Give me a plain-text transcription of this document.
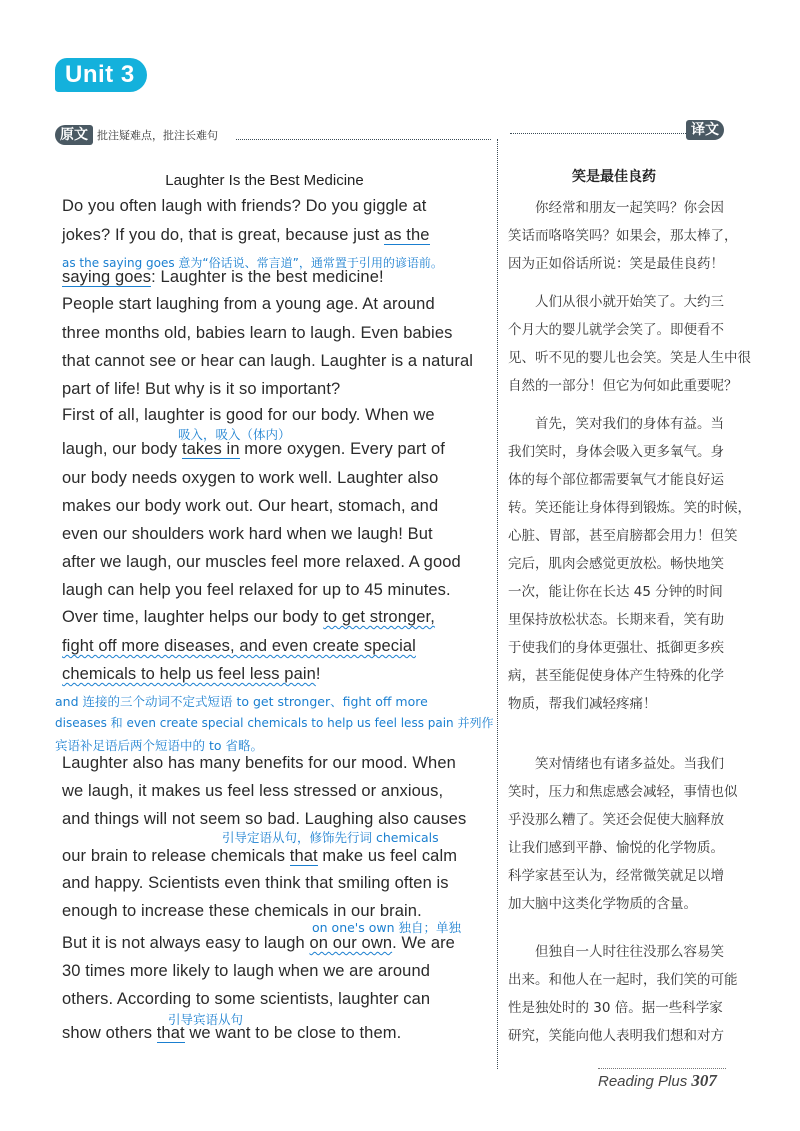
Unit 3
原文 批注疑难点，批注长难句	译文
Laughter Is the Best Medicine
Do you often laugh with friends? Do you giggle at
jokes? If you do, that is great, because just as the
saying goes: Laughter is the best medicine!
People start laughing from a young age. At around
three months old, babies learn to laugh. Even babies
that cannot see or hear can laugh. Laughter is a natural
part of life! But why is it so important?
First of all, laughter is good for our body. When we
laugh, our body takes in more oxygen. Every part of
our body needs oxygen to work well. Laughter also
makes our body work out. Our heart, stomach, and
even our shoulders work hard when we laugh! But
after we laugh, our muscles feel more relaxed. A good
laugh can help you feel relaxed for up to 45 minutes.
Over time, laughter helps our body to get stronger,
fight off more diseases, and even create special
chemicals to help us feel less pain!
Laughter also has many benefits for our mood. When
we laugh, it makes us feel less stressed or anxious,
and things will not seem so bad. Laughing also causes
our brain to release chemicals that make us feel calm
and happy. Scientists even think that smiling often is
enough to increase these chemicals in our brain.
But it is not always easy to laugh on our own. We are
30 times more likely to laugh when we are around
others. According to some scientists, laughter can
show others that we want to be close to them.
as the saying goes 意为“俗话说、常言道”，通常置于引用的谚语前。
吸入，吸入（体内）
and 连接的三个动词不定式短语 to get stronger、fight off more
diseases 和 even create special chemicals to help us feel less pain 并列作
宾语补足语后两个短语中的 to 省略。
引导定语从句，修饰先行词 chemicals
on one's own 独自；单独
引导宾语从句
笑是最佳良药
你经常和朋友一起笑吗？你会因
笑话而咯咯笑吗？如果会，那太棒了，
因为正如俗话所说：笑是最佳良药！
人们从很小就开始笑了。大约三
个月大的婴儿就学会笑了。即便看不
见、听不见的婴儿也会笑。笑是人生中很
自然的一部分！但它为何如此重要呢？
首先，笑对我们的身体有益。当
我们笑时，身体会吸入更多氧气。身
体的每个部位都需要氧气才能良好运
转。笑还能让身体得到锻炼。笑的时候，
心脏、胃部，甚至肩膀都会用力！但笑
完后，肌肉会感觉更放松。畅快地笑
一次，能让你在长达 45 分钟的时间
里保持放松状态。长期来看，笑有助
于使我们的身体更强壮、抵御更多疾
病，甚至能促使身体产生特殊的化学
物质，帮我们减轻疼痛！
笑对情绪也有诸多益处。当我们
笑时，压力和焦虑感会减轻，事情也似
乎没那么糟了。笑还会促使大脑释放
让我们感到平静、愉悦的化学物质。
科学家甚至认为，经常微笑就足以增
加大脑中这类化学物质的含量。
但独自一人时往往没那么容易笑
出来。和他人在一起时，我们笑的可能
性是独处时的 30 倍。据一些科学家
研究，笑能向他人表明我们想和对方
Reading Plus 307
